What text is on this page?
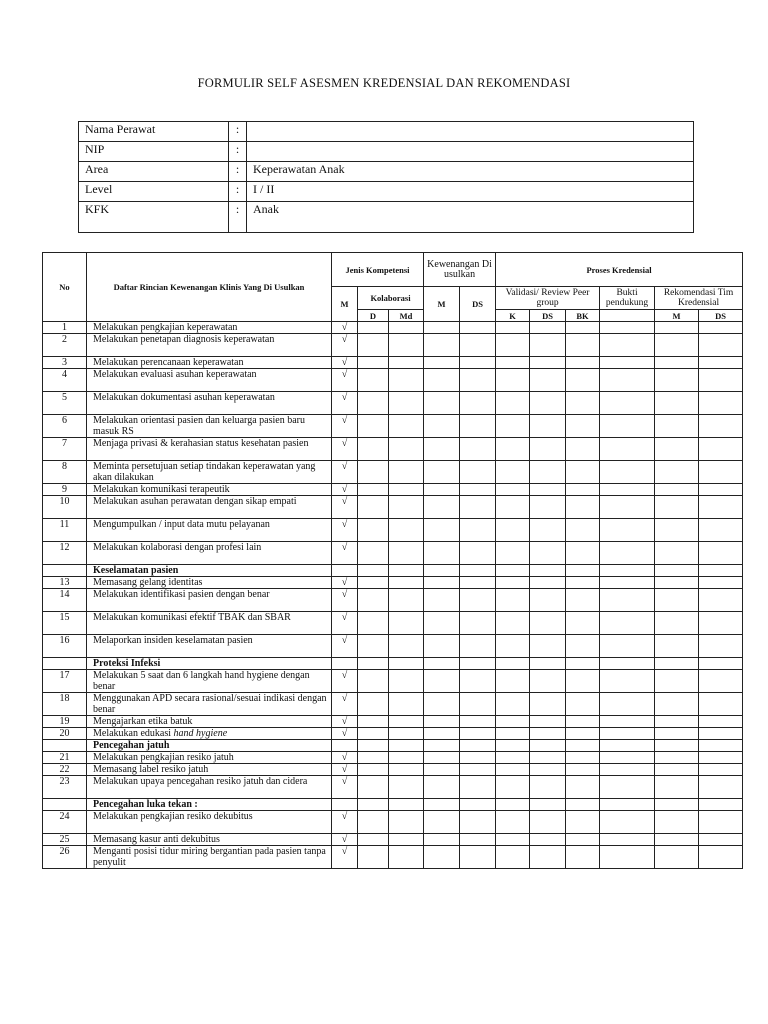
FORMULIR SELF ASESMEN KREDENSIAL DAN REKOMENDASI
Nama Perawat	:	
NIP	:	
Area	:	Keperawatan Anak
Level	:	I / II
KFK	:	Anak
No	Daftar Rincian Kewenangan Klinis Yang Di Usulkan	Jenis Kompetensi			Kewenangan Di usulkan		Proses Kredensial					
		M	Kolaborasi		M	DS	Validasi/ Review Peer group			Bukti pendukung	Rekomendasi Tim Kredensial	
			D	Md			K	DS	BK		M	DS
1	Melakukan pengkajian keperawatan	√										
2	Melakukan penetapan diagnosis keperawatan	√										
3	Melakukan perencanaan keperawatan	√										
4	Melakukan evaluasi asuhan keperawatan	√										
5	Melakukan dokumentasi asuhan keperawatan	√										
6	Melakukan orientasi pasien dan keluarga pasien baru masuk RS	√										
7	Menjaga privasi & kerahasian status kesehatan pasien	√										
8	Meminta persetujuan setiap tindakan keperawatan yang akan dilakukan	√										
9	Melakukan komunikasi terapeutik	√										
10	Melakukan asuhan perawatan dengan sikap empati	√										
11	Mengumpulkan / input data mutu pelayanan	√										
12	Melakukan kolaborasi dengan profesi lain	√										
	Keselamatan pasien											
13	Memasang gelang identitas	√										
14	Melakukan identifikasi pasien dengan benar	√										
15	Melakukan komunikasi efektif TBAK dan SBAR	√										
16	Melaporkan insiden keselamatan pasien	√										
	Proteksi Infeksi											
17	Melakukan 5 saat dan 6 langkah hand hygiene dengan benar	√										
18	Menggunakan APD secara rasional/sesuai indikasi dengan benar	√										
19	Mengajarkan etika batuk	√										
20	Melakukan edukasi hand hygiene	√										
	Pencegahan jatuh											
21	Melakukan pengkajian resiko jatuh	√										
22	Memasang label resiko jatuh	√										
23	Melakukan upaya pencegahan resiko jatuh dan cidera	√										
	Pencegahan luka tekan :											
24	Melakukan pengkajian resiko dekubitus	√										
25	Memasang kasur anti dekubitus	√										
26	Menganti posisi tidur miring bergantian pada pasien tanpa penyulit	√										
